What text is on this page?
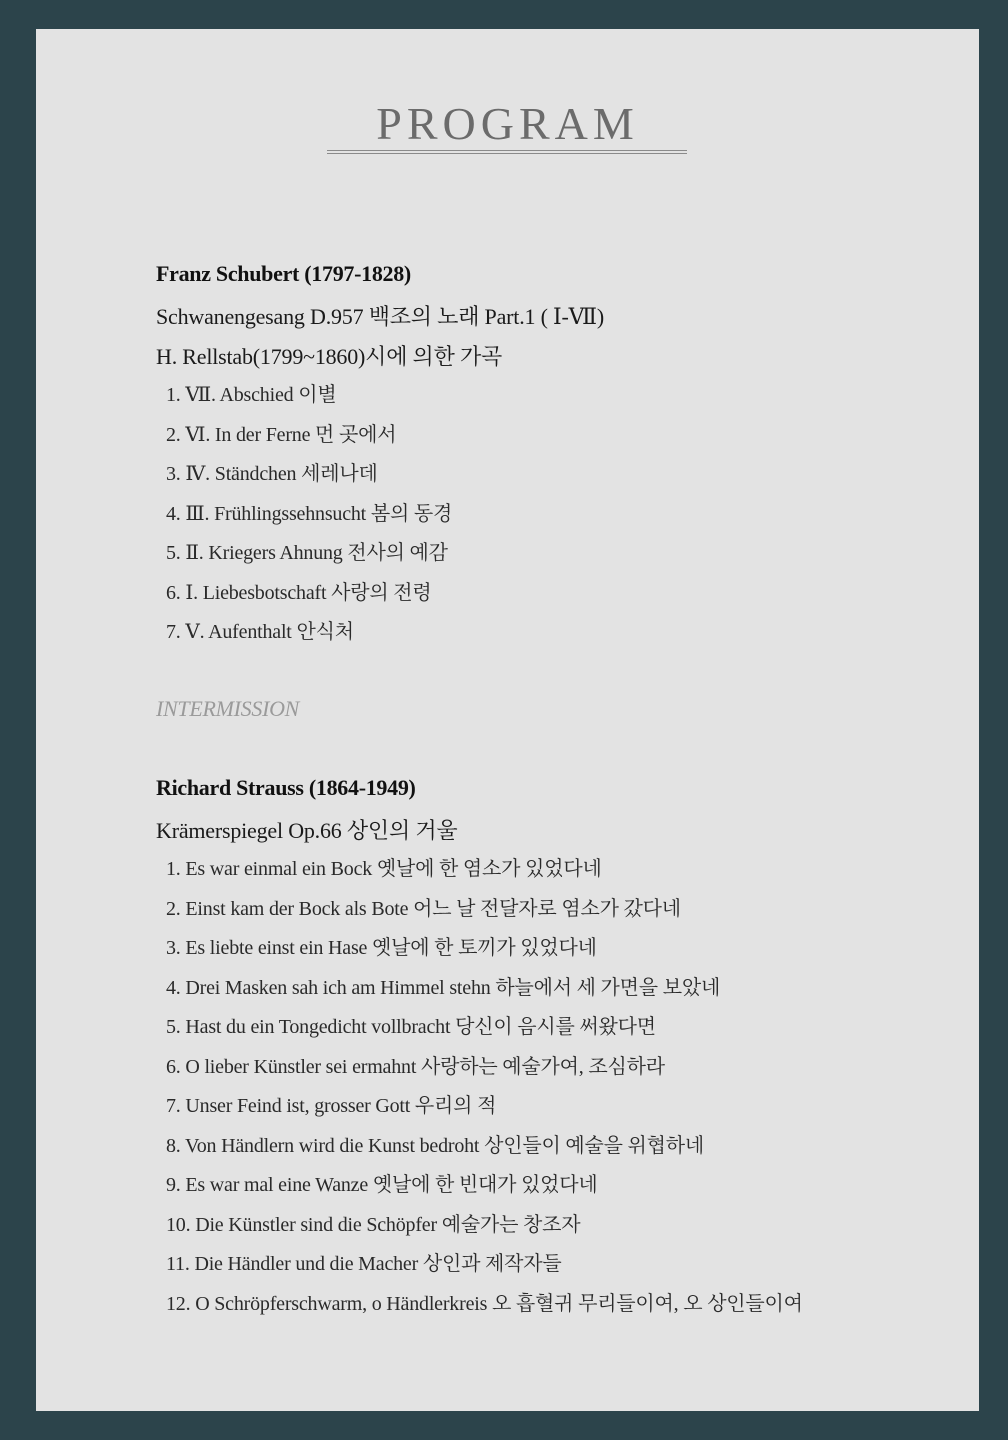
PROGRAM
Franz Schubert (1797-1828)
Schwanengesang D.957 백조의 노래 Part.1 ( Ⅰ-Ⅶ)
H. Rellstab(1799~1860)시에 의한 가곡
1. Ⅶ. Abschied 이별
2. Ⅵ. In der Ferne 먼 곳에서
3. Ⅳ. Ständchen 세레나데
4. Ⅲ. Frühlingssehnsucht 봄의 동경
5. Ⅱ. Kriegers Ahnung 전사의 예감
6. Ⅰ. Liebesbotschaft 사랑의 전령
7. Ⅴ. Aufenthalt 안식처
INTERMISSION
Richard Strauss (1864-1949)
Krämerspiegel Op.66 상인의 거울
1. Es war einmal ein Bock 옛날에 한 염소가 있었다네
2. Einst kam der Bock als Bote 어느 날 전달자로 염소가 갔다네
3. Es liebte einst ein Hase 옛날에 한 토끼가 있었다네
4. Drei Masken sah ich am Himmel stehn 하늘에서 세 가면을 보았네
5. Hast du ein Tongedicht vollbracht 당신이 음시를 써왔다면
6. O lieber Künstler sei ermahnt 사랑하는 예술가여, 조심하라
7. Unser Feind ist, grosser Gott 우리의 적
8. Von Händlern wird die Kunst bedroht 상인들이 예술을 위협하네
9. Es war mal eine Wanze 옛날에 한 빈대가 있었다네
10. Die Künstler sind die Schöpfer 예술가는 창조자
11. Die Händler und die Macher 상인과 제작자들
12. O Schröpferschwarm, o Händlerkreis 오 흡혈귀 무리들이여, 오 상인들이여
